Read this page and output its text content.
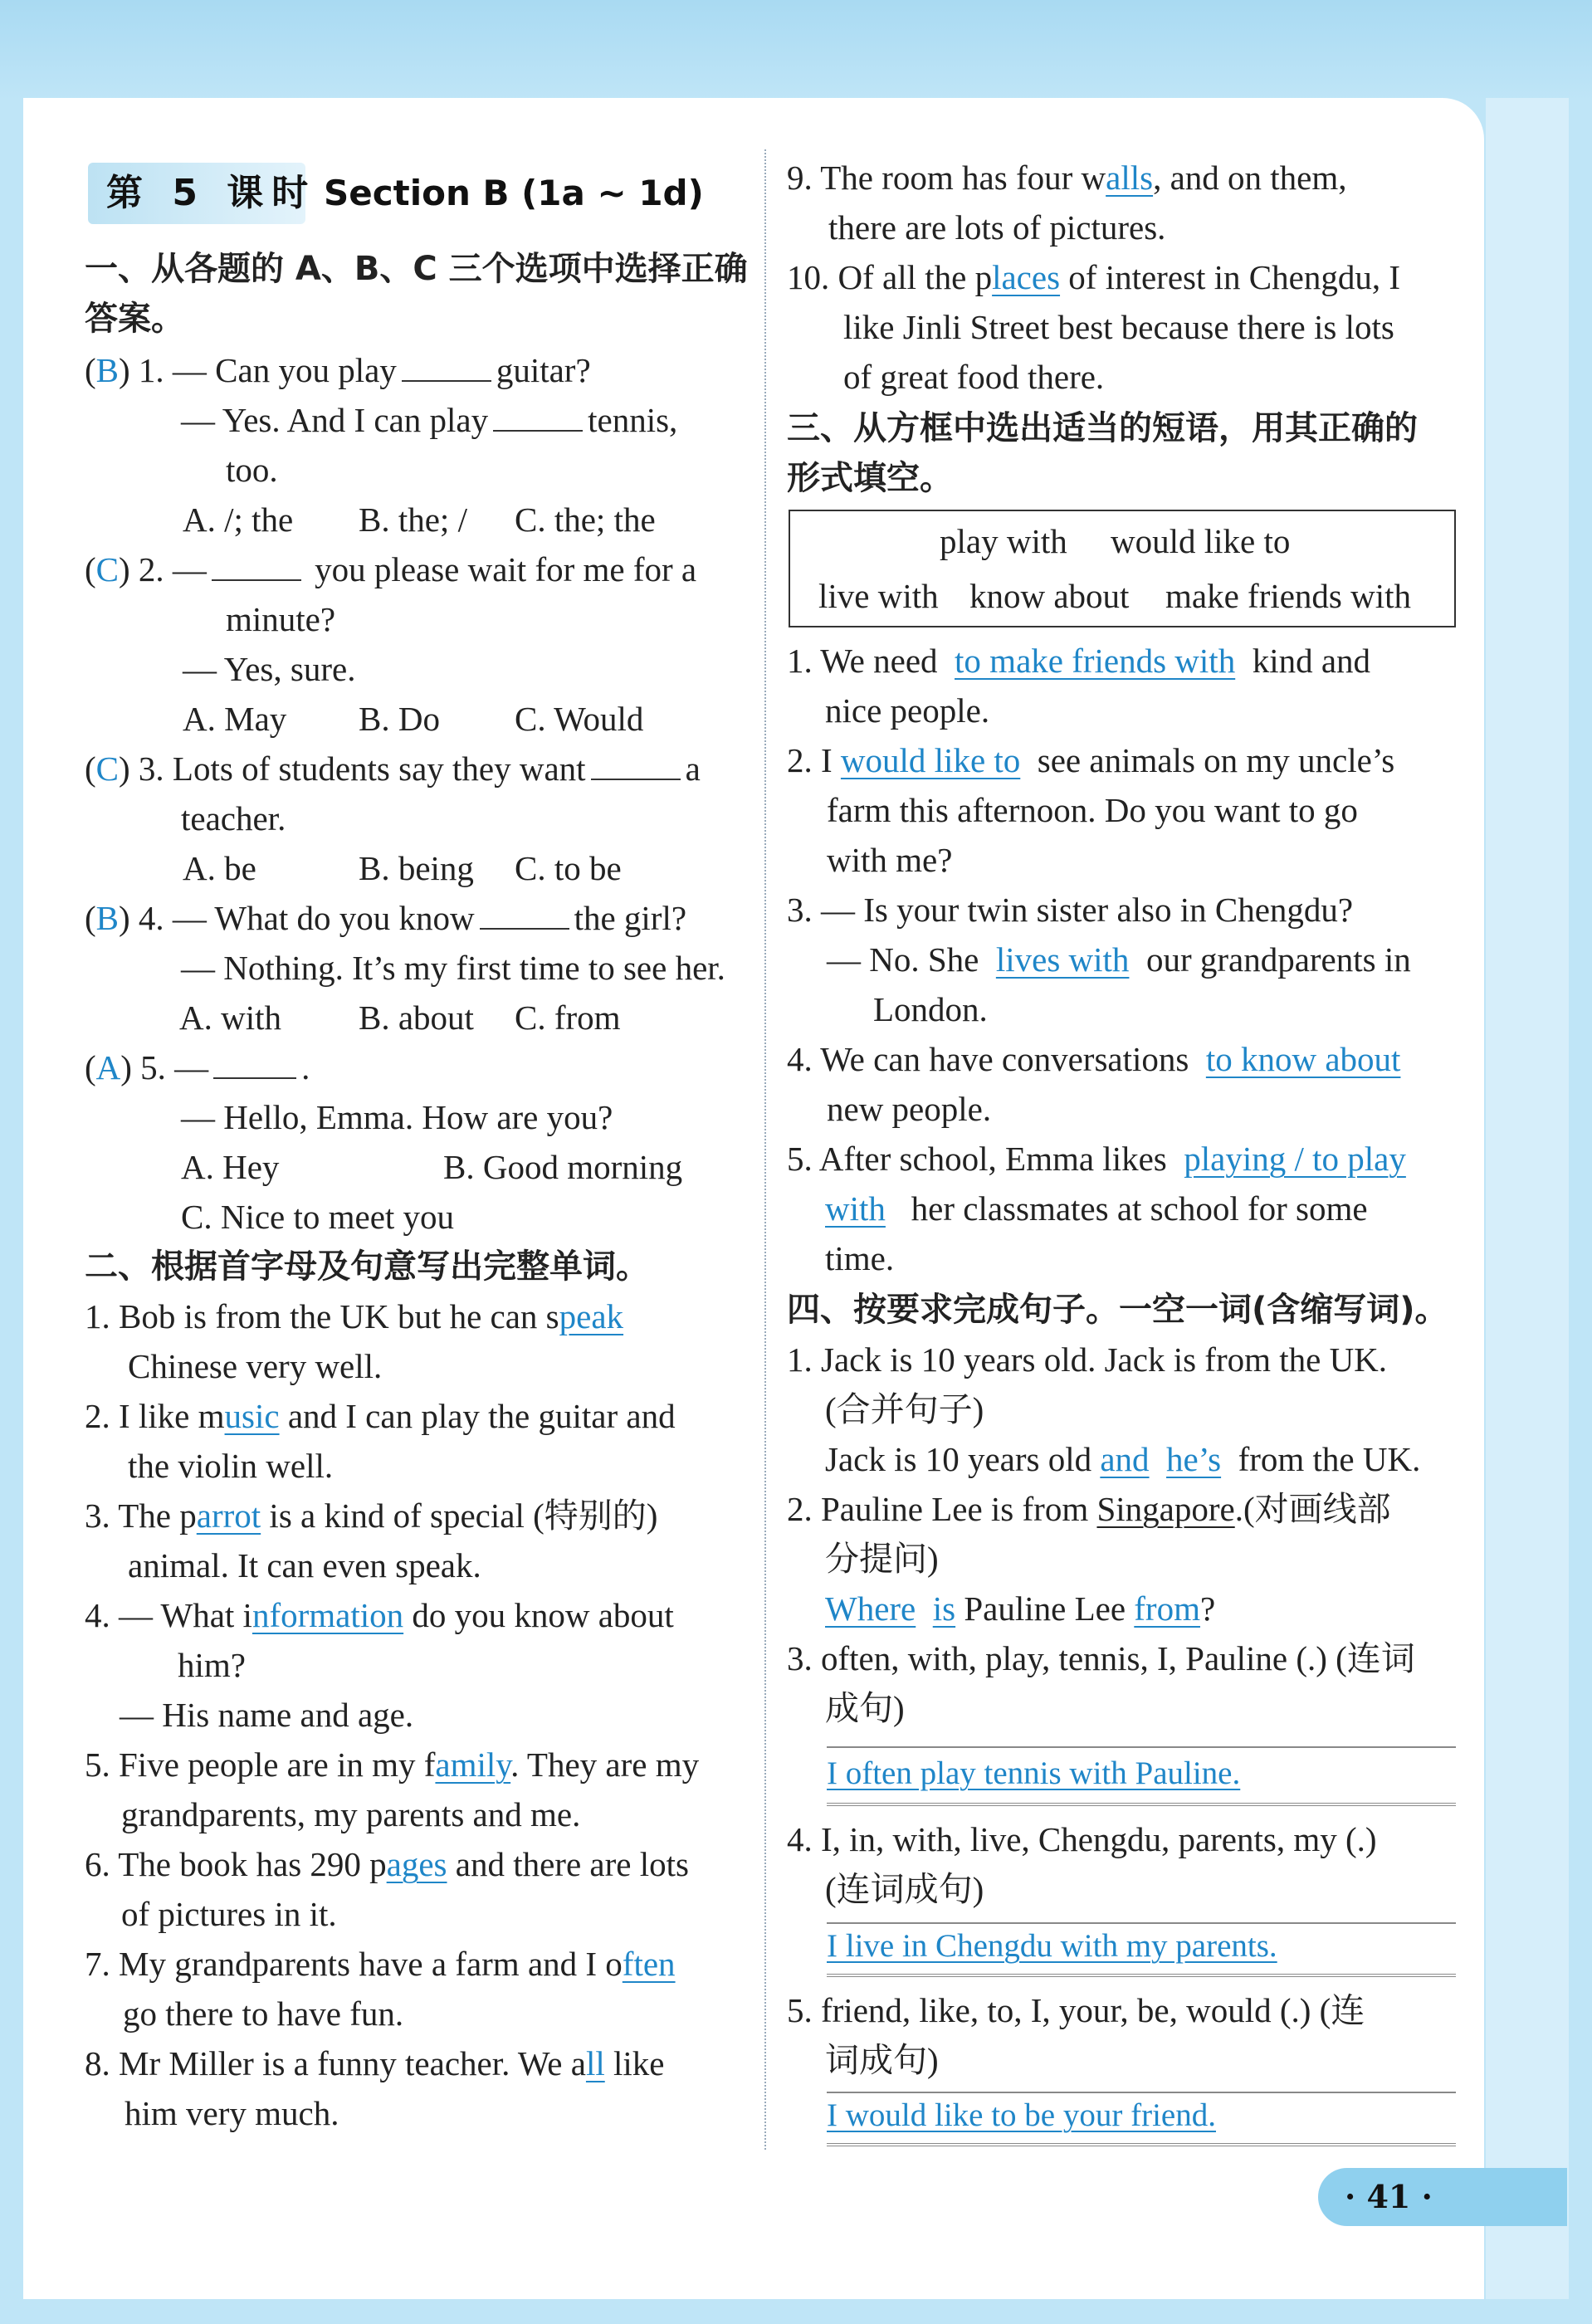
第 5 课时 Section B (1a ~ 1d)
一、从各题的 A、B、C 三个选项中选择正确
答案。
(B) 1. — Can you play	guitar?
— Yes. And I can play	tennis,
too.
A. /; the B. the; / C. the; the
(C) 2. —	you please wait for me for a
minute?
— Yes, sure.
A. May B. Do C. Would
(C) 3. Lots of students say they want	a
teacher.
A. be	B. being C. to be
(B) 4. — What do you know	the girl?
— Nothing. It’s my first time to see her.
A. with B. about C. from
(A) 5. —	.
— Hello, Emma. How are you?
A. Hey	B. Good morning
C. Nice to meet you
二、根据首字母及句意写出完整单词。
1. Bob is from the UK but he can speak
Chinese very well.
2. I like music and I can play the guitar and
the violin well.
3. The parrot is a kind of special (特别的)
animal. It can even speak.
4. — What information do you know about
him?
— His name and age.
5. Five people are in my family. They are my
grandparents, my parents and me.
6. The book has 290 pages and there are lots
of pictures in it.
7. My grandparents have a farm and I often
go there to have fun.
8. Mr Miller is a funny teacher. We all like
him very much.
9. The room has four walls, and on them,
there are lots of pictures.
10. Of all the places of interest in Chengdu, I
like Jinli Street best because there is lots
of great food there.
三、从方框中选出适当的短语，用其正确的
形式填空。
play with would like to
live with know about make friends with
1. We need to make friends with kind and
nice people.
2. I would like to see animals on my uncle’s
farm this afternoon. Do you want to go
with me?
3. — Is your twin sister also in Chengdu?
— No. She lives with our grandparents in
London.
4. We can have conversations to know about
new people.
5. After school, Emma likes playing / to play
with her classmates at school for some
time.
四、按要求完成句子。一空一词(含缩写词)。
1. Jack is 10 years old. Jack is from the UK.
(合并句子)
Jack is 10 years old and he’s from the UK.
2. Pauline Lee is from Singapore.(对画线部
分提问)
Where is Pauline Lee from?
3. often, with, play, tennis, I, Pauline (.) (连词
成句)
I often play tennis with Pauline.
4. I, in, with, live, Chengdu, parents, my (.)
(连词成句)
I live in Chengdu with my parents.
5. friend, like, to, I, your, be, would (.) (连
词成句)
I would like to be your friend.
· 41 ·
